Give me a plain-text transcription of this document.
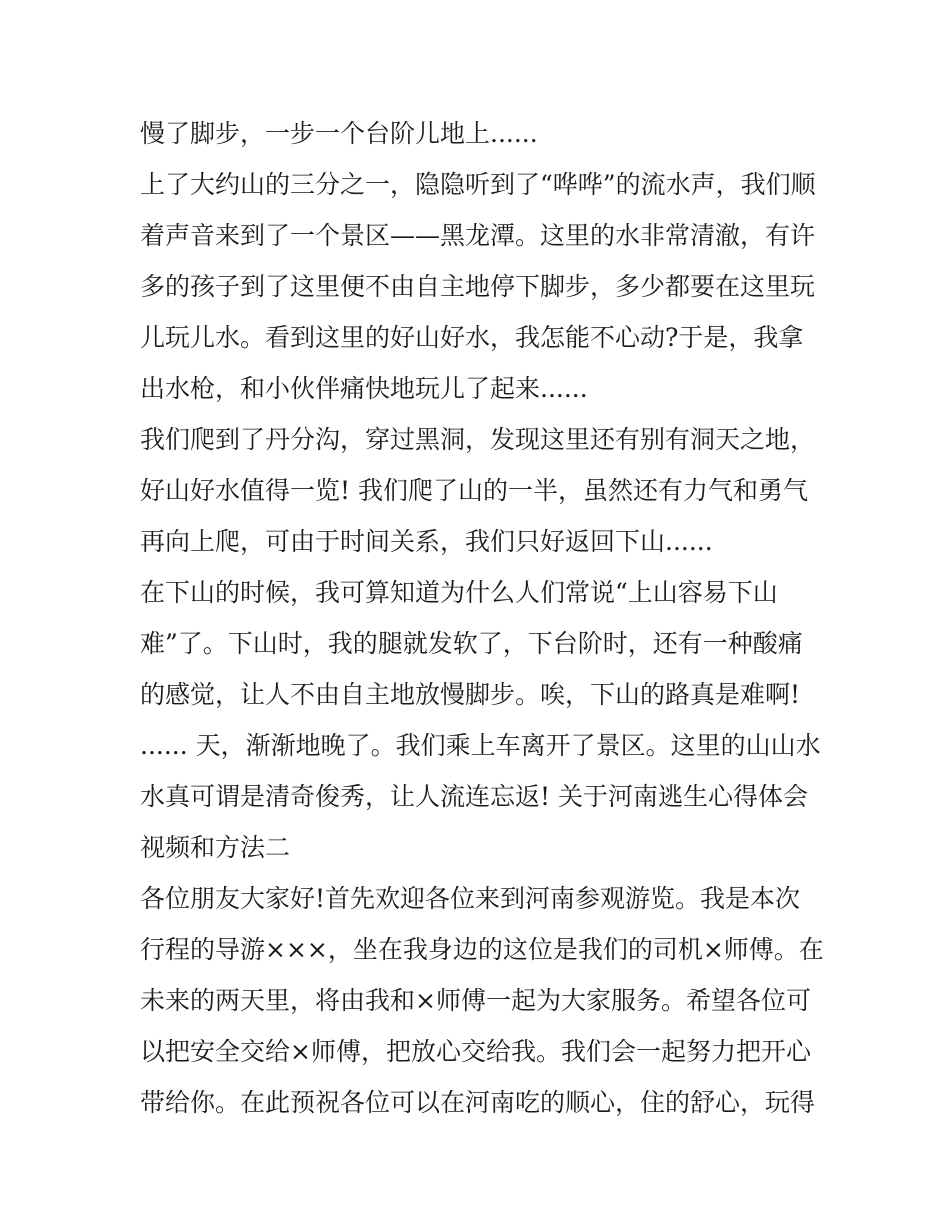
慢了脚步，一步一个台阶儿地上......
上了大约山的三分之一，隐隐听到了“哗哗”的流水声，我们顺
着声音来到了一个景区——黑龙潭。这里的水非常清澈，有许
多的孩子到了这里便不由自主地停下脚步，多少都要在这里玩
儿玩儿水。看到这里的好山好水，我怎能不心动?于是，我拿
出水枪，和小伙伴痛快地玩儿了起来......
我们爬到了丹分沟，穿过黑洞，发现这里还有别有洞天之地，
好山好水值得一览! 我们爬了山的一半，虽然还有力气和勇气
再向上爬，可由于时间关系，我们只好返回下山......
在下山的时候，我可算知道为什么人们常说“上山容易下山
难”了。下山时，我的腿就发软了，下台阶时，还有一种酸痛
的感觉，让人不由自主地放慢脚步。唉，下山的路真是难啊!
...... 天，渐渐地晚了。我们乘上车离开了景区。这里的山山水
水真可谓是清奇俊秀，让人流连忘返! 关于河南逃生心得体会
视频和方法二
各位朋友大家好!首先欢迎各位来到河南参观游览。我是本次
行程的导游×××，坐在我身边的这位是我们的司机×师傅。在
未来的两天里，将由我和×师傅一起为大家服务。希望各位可
以把安全交给×师傅，把放心交给我。我们会一起努力把开心
带给你。在此预祝各位可以在河南吃的顺心，住的舒心，玩得
